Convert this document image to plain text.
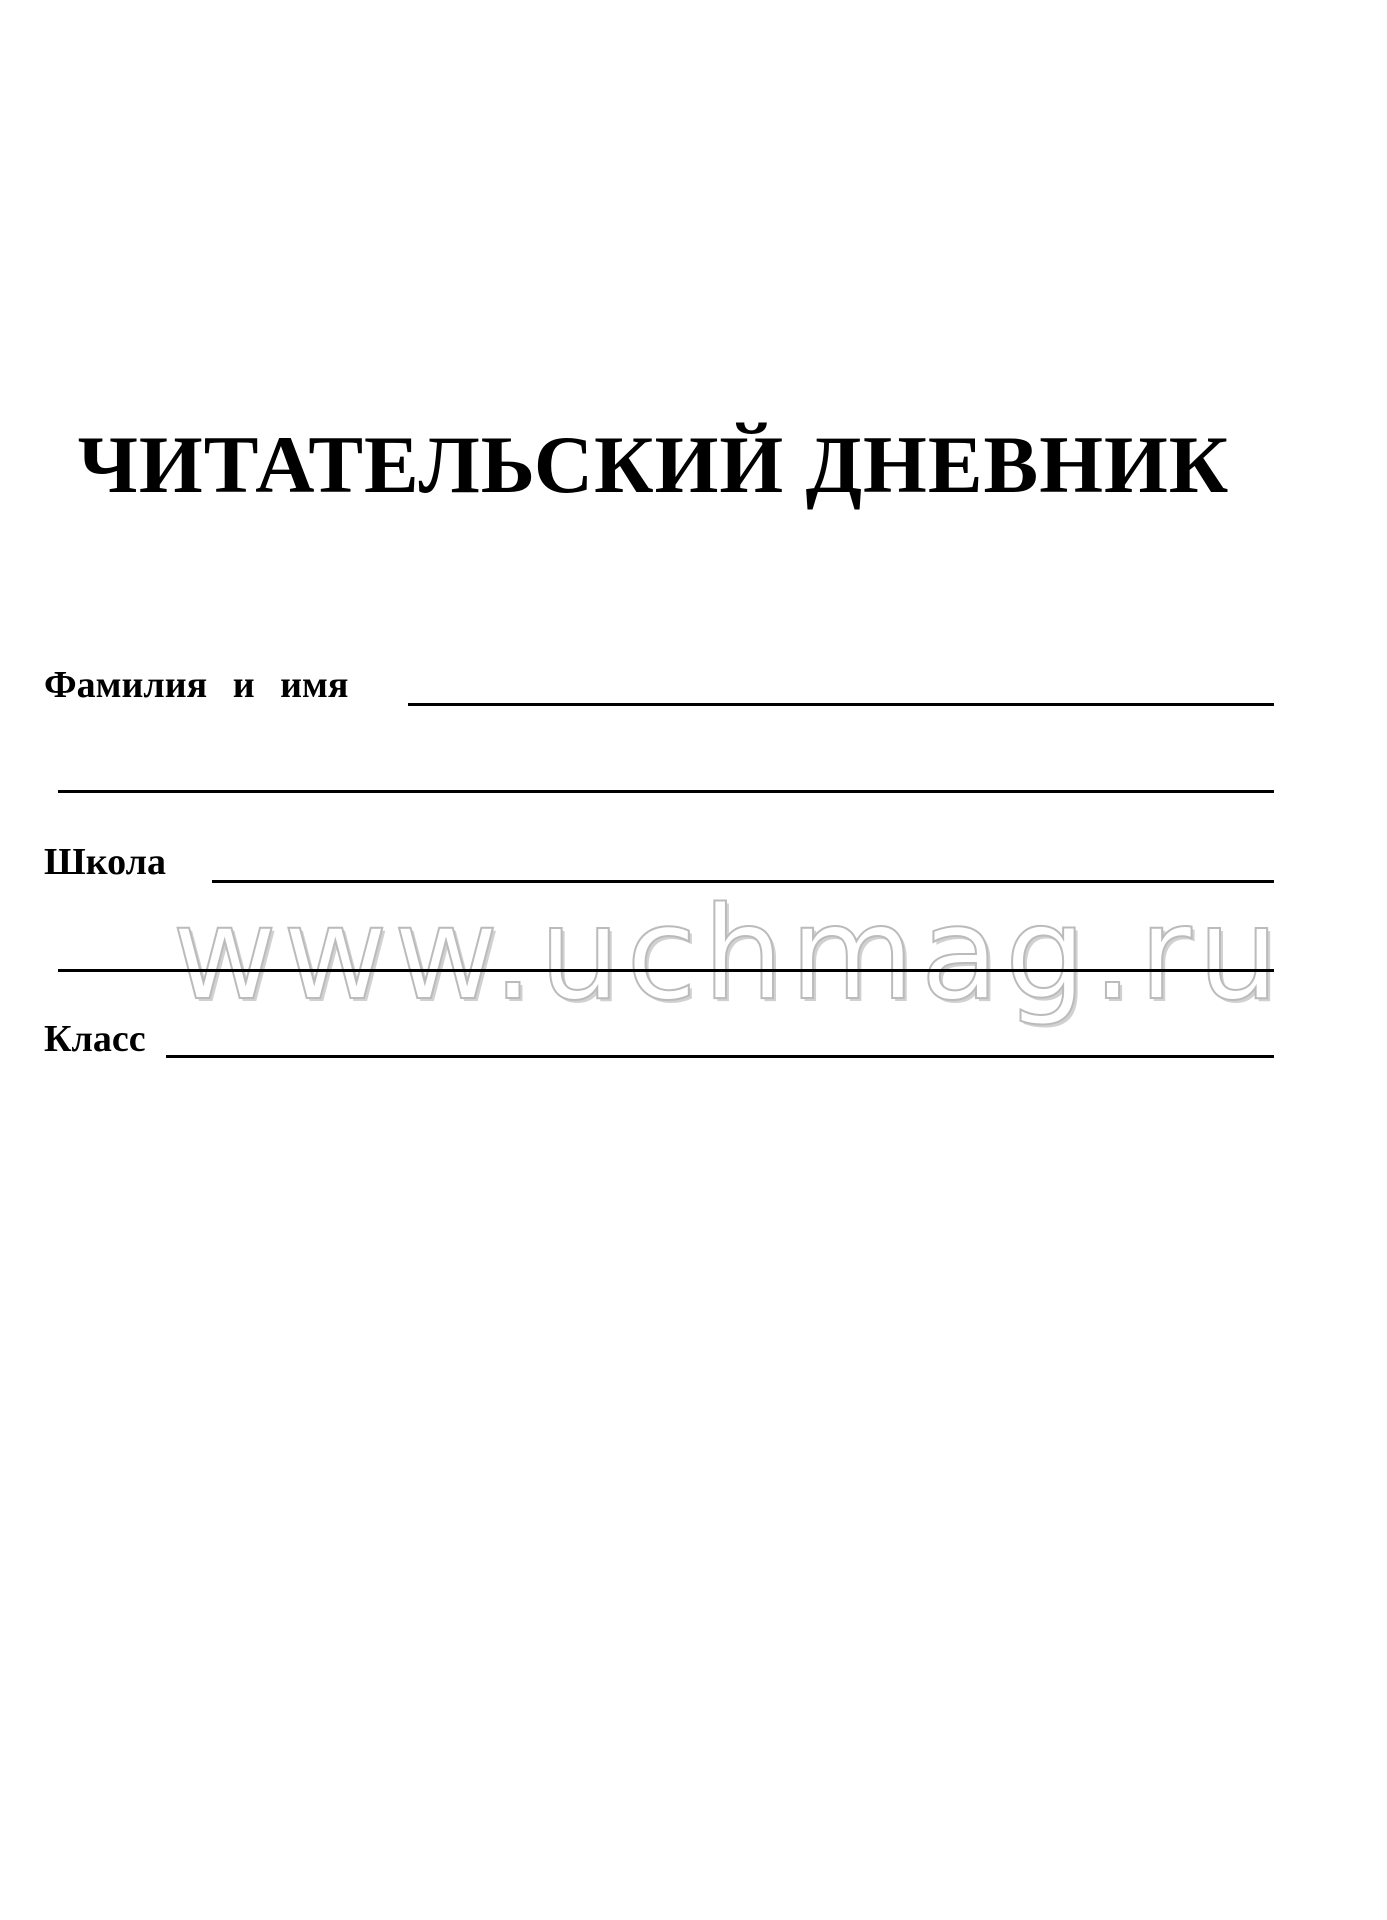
ЧИТАТЕЛЬСКИЙ ДНЕВНИК
Фамилия и имя
Школа
www.uchmag.ru
Класс
